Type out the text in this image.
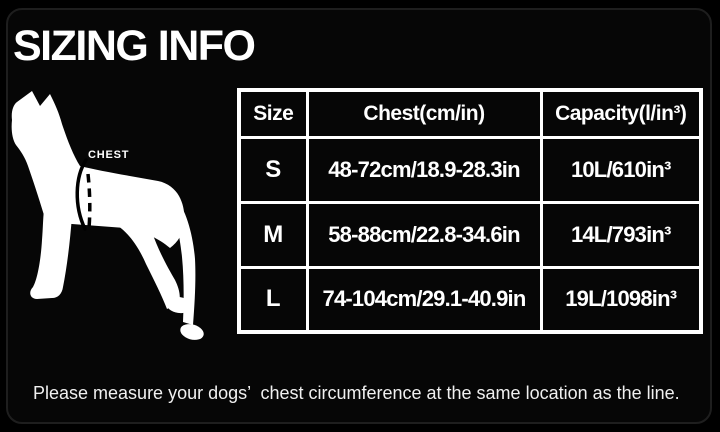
SIZING INFO
CHEST
Size	Chest(cm/in)	Capacity(l/in³)
S	48-72cm/18.9-28.3in	10L/610in³
M	58-88cm/22.8-34.6in	14L/793in³
L	74-104cm/29.1-40.9in	19L/1098in³
Please measure your dogs’  chest circumference at the same location as the line.
